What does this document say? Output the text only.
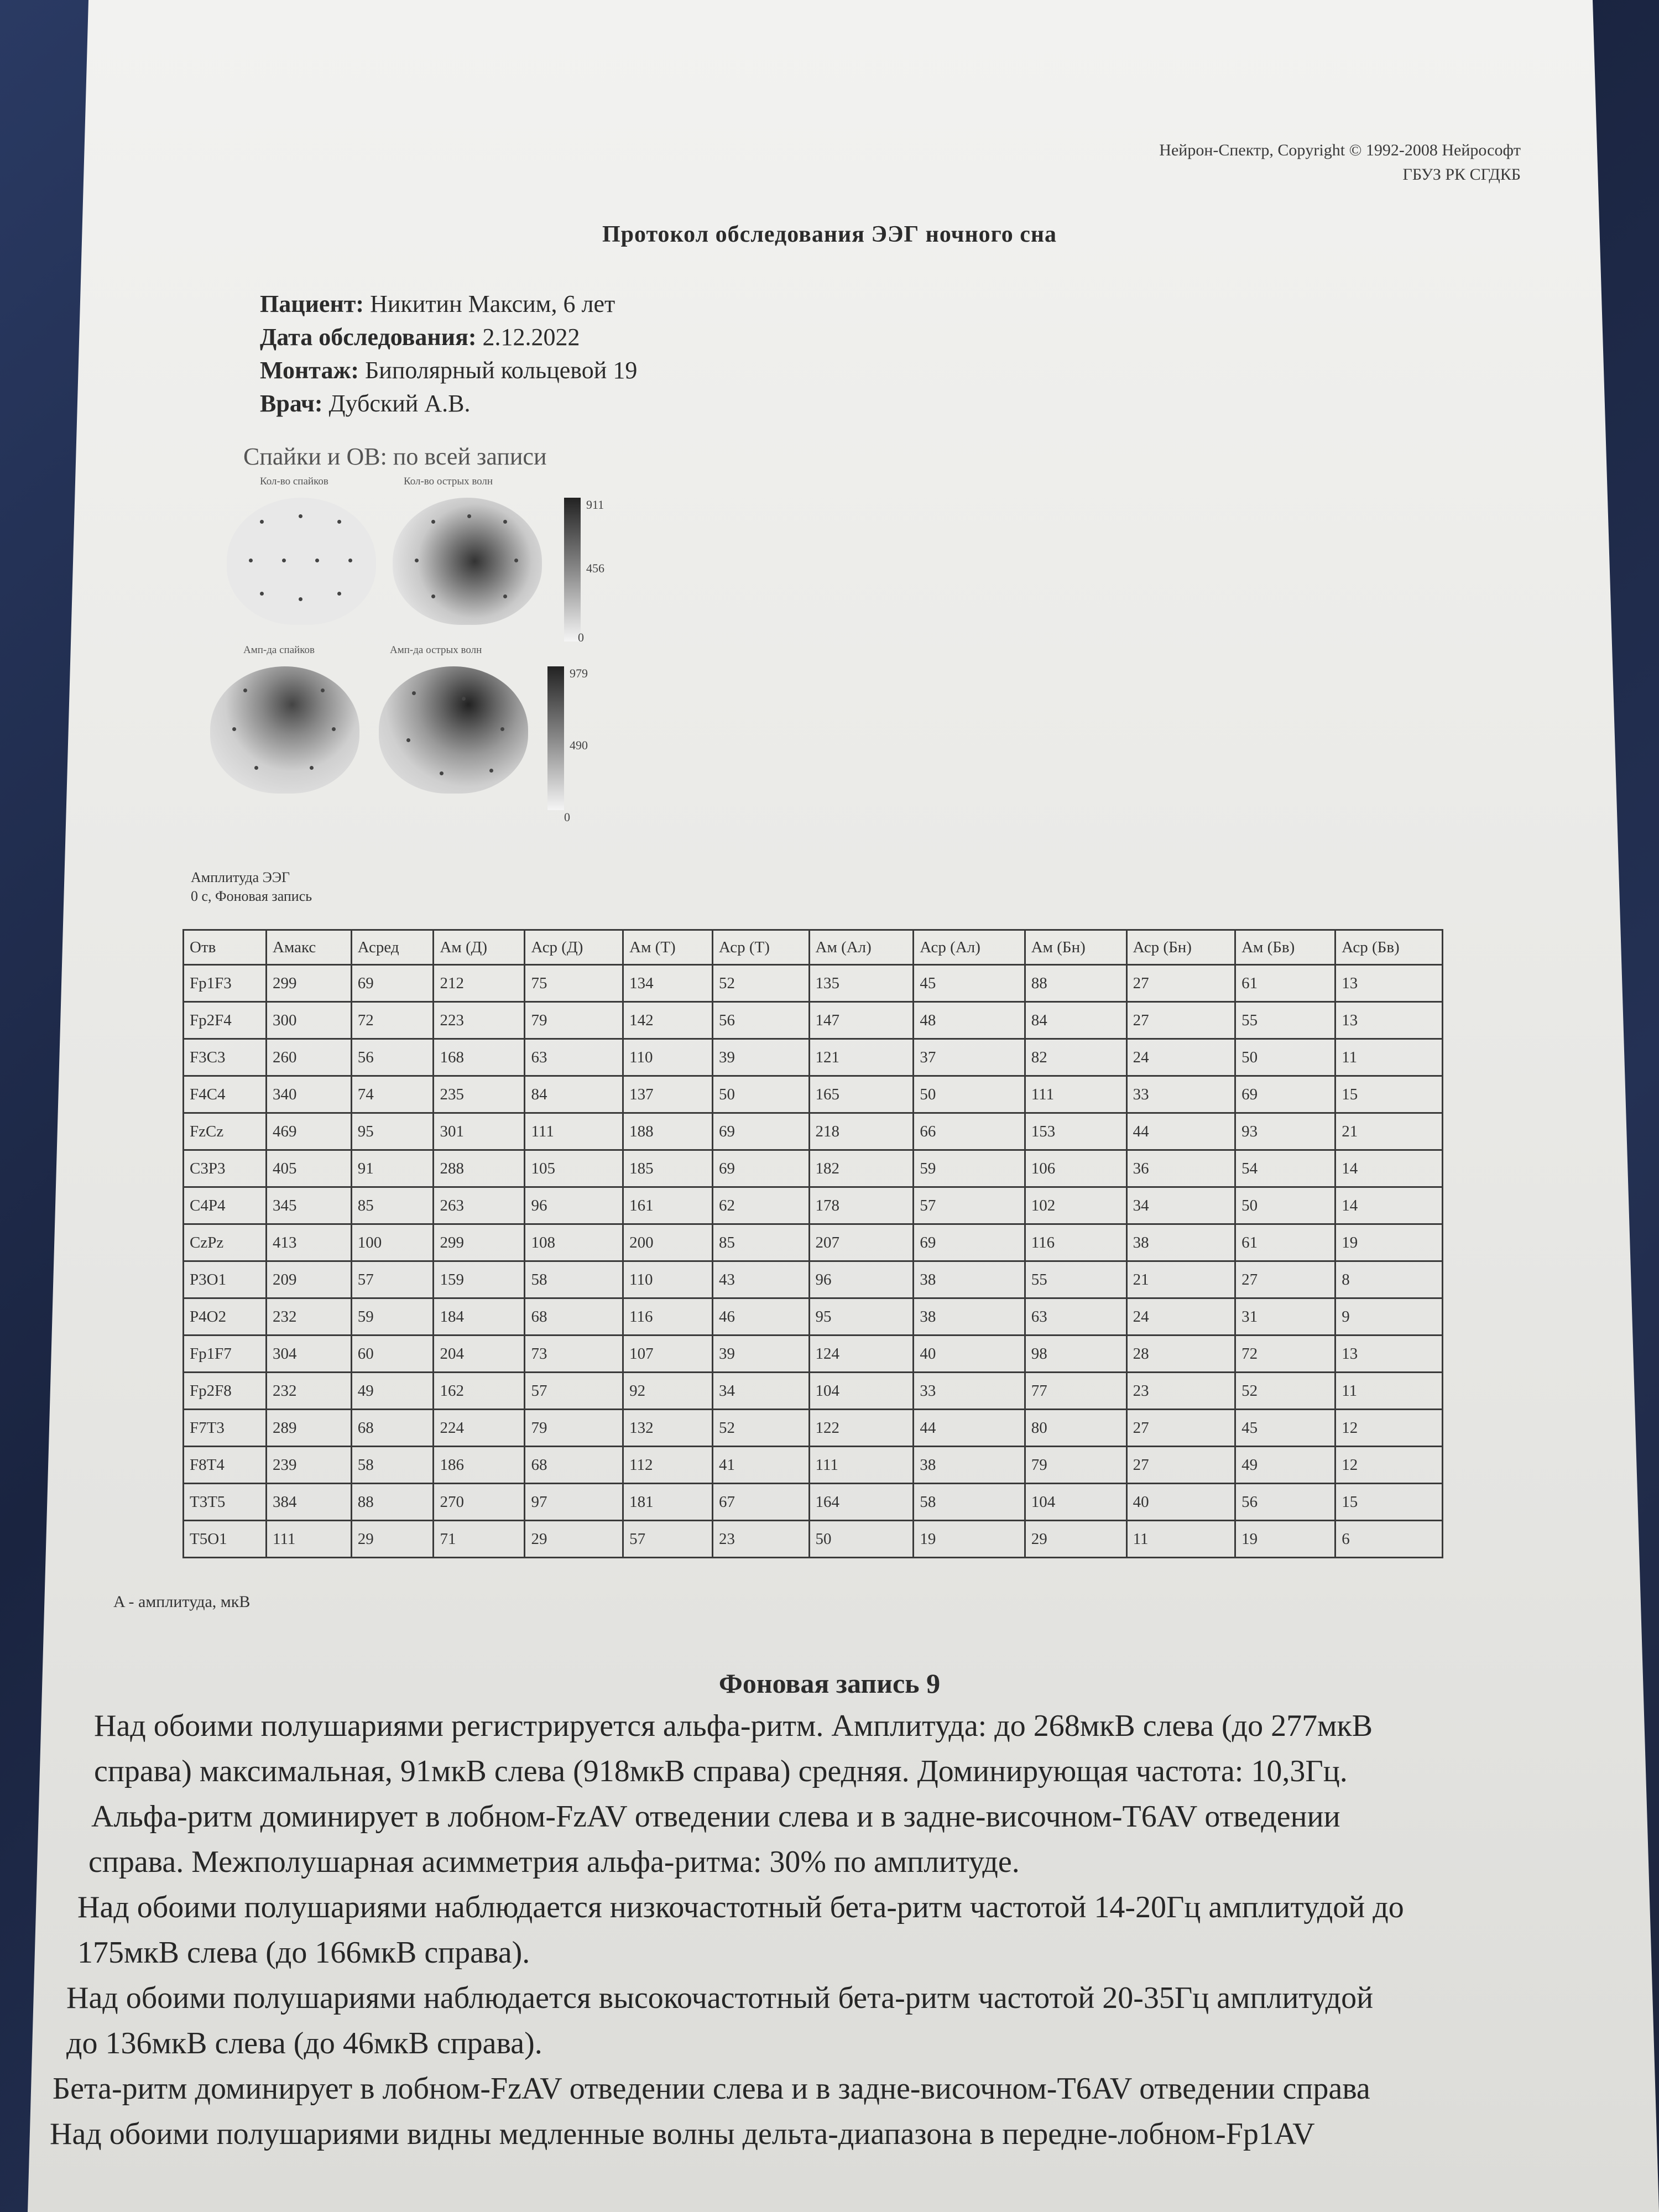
Нейрон-Спектр, Copyright © 1992-2008 Нейрософт
ГБУЗ РК СГДКБ
Протокол обследования ЭЭГ ночного сна
Пациент: Никитин Максим, 6 лет
Дата обследования: 2.12.2022
Монтаж: Биполярный кольцевой 19
Врач: Дубский А.В.
Спайки и ОВ: по всей записи
Кол-во спайков	Кол-во острых волн
911
456
0
Амп-да спайков	Амп-да острых волн
979
490
0
Амплитуда ЭЭГ
0 с, Фоновая запись
Отв	Амакс	Асред	Ам (Д)	Аср (Д)	Ам (Т)	Аср (Т)	Ам (Ал)	Аср (Ал)	Ам (Бн)	Аср (Бн)	Ам (Бв)	Аср (Бв)
Fp1F3	299	69	212	75	134	52	135	45	88	27	61	13
Fp2F4	300	72	223	79	142	56	147	48	84	27	55	13
F3C3	260	56	168	63	110	39	121	37	82	24	50	11
F4C4	340	74	235	84	137	50	165	50	111	33	69	15
FzCz	469	95	301	111	188	69	218	66	153	44	93	21
C3P3	405	91	288	105	185	69	182	59	106	36	54	14
C4P4	345	85	263	96	161	62	178	57	102	34	50	14
CzPz	413	100	299	108	200	85	207	69	116	38	61	19
P3O1	209	57	159	58	110	43	96	38	55	21	27	8
P4O2	232	59	184	68	116	46	95	38	63	24	31	9
Fp1F7	304	60	204	73	107	39	124	40	98	28	72	13
Fp2F8	232	49	162	57	92	34	104	33	77	23	52	11
F7T3	289	68	224	79	132	52	122	44	80	27	45	12
F8T4	239	58	186	68	112	41	111	38	79	27	49	12
T3T5	384	88	270	97	181	67	164	58	104	40	56	15
T5O1	111	29	71	29	57	23	50	19	29	11	19	6
A - амплитуда, мкВ
Фоновая запись 9
Над обоими полушариями регистрируется альфа-ритм. Амплитуда: до 268мкВ слева (до 277мкВ
справа) максимальная, 91мкВ слева (918мкВ справа) средняя. Доминирующая частота: 10,3Гц.
Альфа-ритм доминирует в лобном-FzAV отведении слева и в задне-височном-T6AV отведении
справа. Межполушарная асимметрия альфа-ритма: 30% по амплитуде.
Над обоими полушариями наблюдается низкочастотный бета-ритм частотой 14-20Гц амплитудой до
175мкВ слева (до 166мкВ справа).
Над обоими полушариями наблюдается высокочастотный бета-ритм частотой 20-35Гц амплитудой
до 136мкВ слева (до 46мкВ справа).
Бета-ритм доминирует в лобном-FzAV отведении слева и в задне-височном-T6AV отведении справа
Над обоими полушариями видны медленные волны дельта-диапазона в передне-лобном-Fp1AV
